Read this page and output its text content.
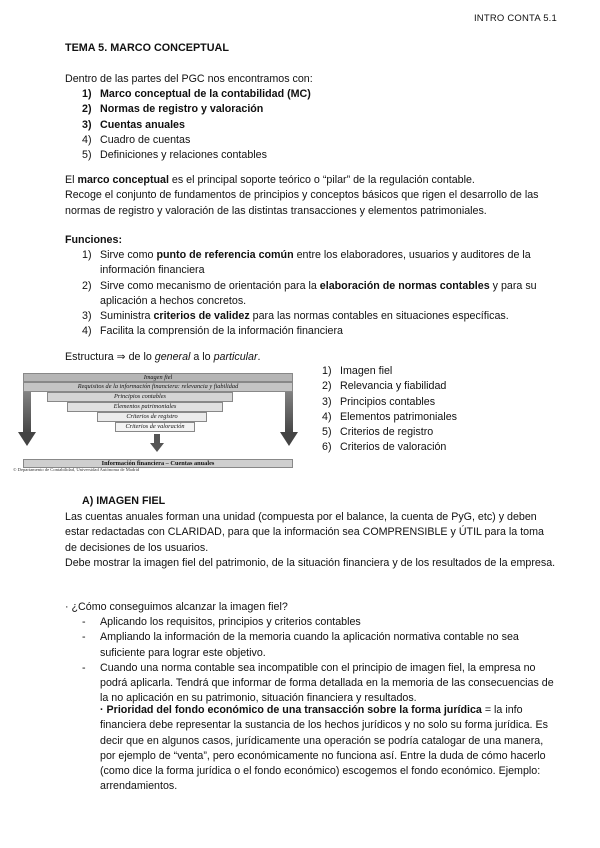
INTRO CONTA 5.1
TEMA 5. MARCO CONCEPTUAL
Dentro de las partes del PGC nos encontramos con:
1) Marco conceptual de la contabilidad (MC)
2) Normas de registro y valoración
3) Cuentas anuales
4) Cuadro de cuentas
5) Definiciones y relaciones contables
El marco conceptual es el principal soporte teórico o “pilar” de la regulación contable.
Recoge el conjunto de fundamentos de principios y conceptos básicos que rigen el desarrollo de las normas de registro y valoración de las distintas transacciones y elementos patrimoniales.
Funciones:
1) Sirve como punto de referencia común entre los elaboradores, usuarios y auditores de la información financiera
2) Sirve como mecanismo de orientación para la elaboración de normas contables y para su aplicación a hechos concretos.
3) Suministra criterios de validez para las normas contables en situaciones específicas.
4) Facilita la comprensión de la información financiera
Estructura ⇒ de lo general a lo particular.
Imagen fiel
Requisitos de la información financiera: relevancia y fiabilidad
Principios contables
Elementos patrimoniales
Criterios de registro
Criterios de valoración
Información financiera – Cuentas anuales
© Departamento de Contabilidad, Universidad Autónoma de Madrid
1) Imagen fiel
2) Relevancia y fiabilidad
3) Principios contables
4) Elementos patrimoniales
5) Criterios de registro
6) Criterios de valoración
A) IMAGEN FIEL
Las cuentas anuales forman una unidad (compuesta por el balance, la cuenta de PyG, etc) y deben estar redactadas con CLARIDAD, para que la información sea COMPRENSIBLE y ÚTIL para la toma de decisiones de los usuarios.
Debe mostrar la imagen fiel del patrimonio, de la situación financiera y de los resultados de la empresa.
· ¿Cómo conseguimos alcanzar la imagen fiel?
- Aplicando los requisitos, principios y criterios contables
- Ampliando la información de la memoria cuando la aplicación normativa contable no sea suficiente para lograr este objetivo.
- Cuando una norma contable sea incompatible con el principio de imagen fiel, la empresa no podrá aplicarla. Tendrá que informar de forma detallada en la memoria de las consecuencias de la no aplicación en su patrimonio, situación financiera y resultados.
· Prioridad del fondo económico de una transacción sobre la forma jurídica = la info financiera debe representar la sustancia de los hechos jurídicos y no solo su forma jurídica. Es decir que en algunos casos, jurídicamente una operación se podría catalogar de una manera, por ejemplo de “venta”, pero económicamente no funciona así. Entre la duda de cómo hacerlo (como dice la forma jurídica o el fondo económico) escogemos el fondo económico. Ejemplo: arrendamientos.
